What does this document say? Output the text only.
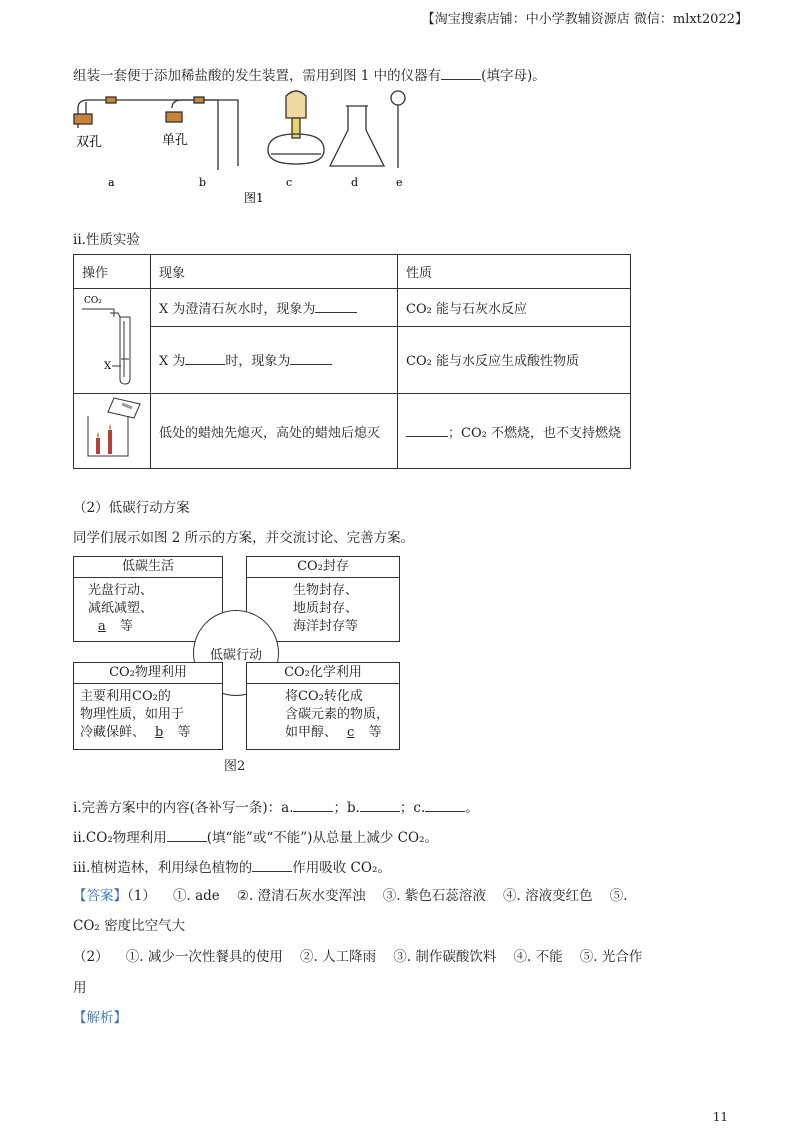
【淘宝搜索店铺：中小学教辅资源店 微信：mlxt2022】
组装一套便于添加稀盐酸的发生装置，需用到图 1 中的仪器有	(填字母)。
双孔	单孔
a	b	c	d	e
图1
ii.性质实验
操作	现象	性质

CO₂
X	X 为澄清石灰水时，现象为	CO₂ 能与石灰水反应
	X 为 时，现象为	CO₂ 能与水反应生成酸性物质
	低处的蜡烛先熄灭，高处的蜡烛后熄灭	；CO₂ 不燃烧，也不支持燃烧
（2）低碳行动方案
同学们展示如图 2 所示的方案，并交流讨论、完善方案。
低碳生活
光盘行动、
减纸减塑、
a 等
CO₂封存
生物封存、
地质封存、
海洋封存等
低碳行动
CO₂物理利用
主要利用CO₂的
物理性质，如用于
冷藏保鲜、 b 等
CO₂化学利用
将CO₂转化成
含碳元素的物质，
如甲醇、 c 等
图2
i.完善方案中的内容(各补写一条)：a.	；b.	；c.	。
ii.CO₂物理利用	(填“能”或“不能”)从总量上减少 CO₂。
iii.植树造林，利用绿色植物的	作用吸收 CO₂。
【答案】（1）    ①. ade    ②. 澄清石灰水变浑浊    ③. 紫色石蕊溶液    ④. 溶液变红色    ⑤.
CO₂ 密度比空气大
（2）    ①. 减少一次性餐具的使用    ②. 人工降雨    ③. 制作碳酸饮料    ④. 不能    ⑤. 光合作
用
【解析】
11
